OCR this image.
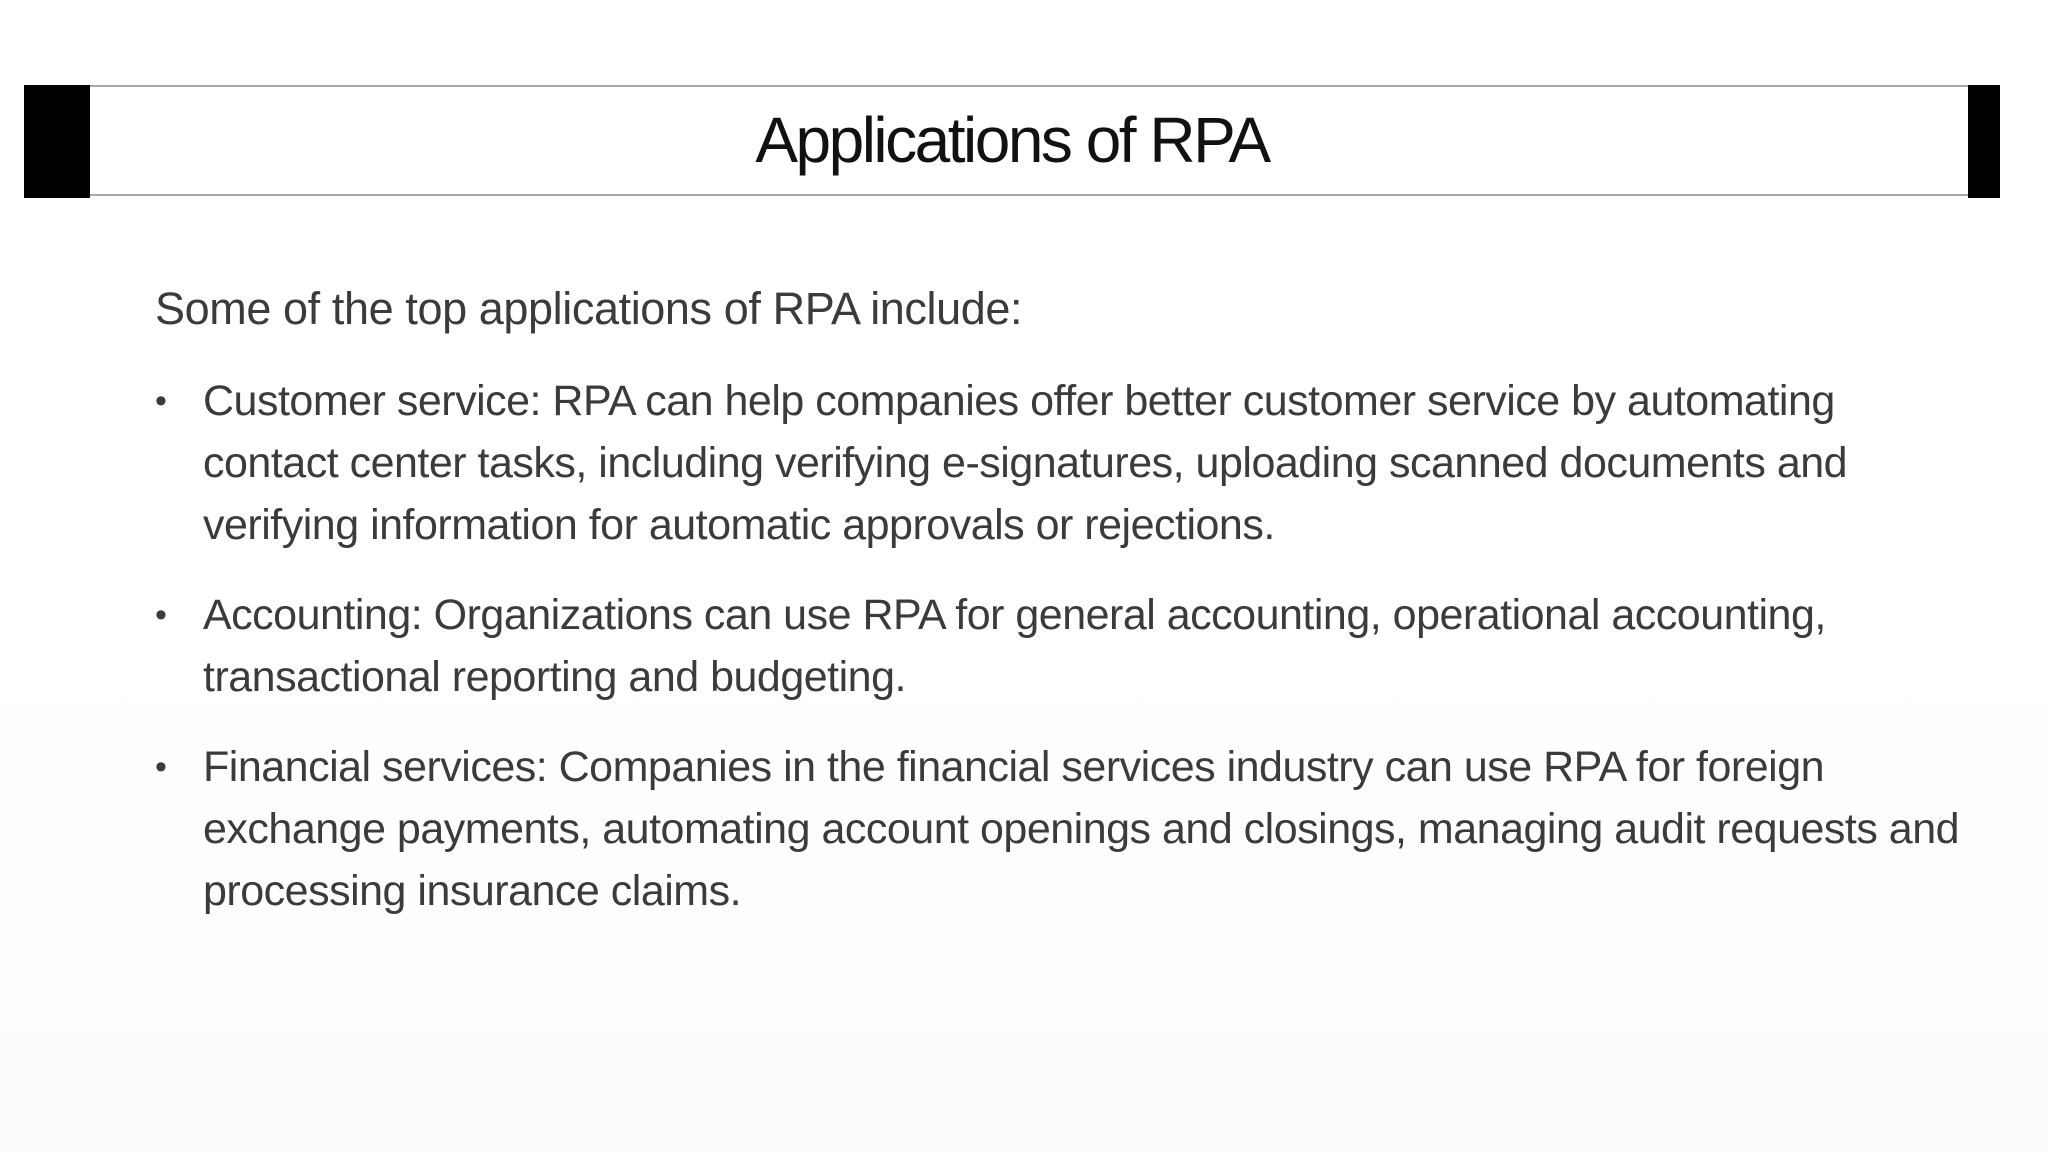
Applications of RPA

Some of the top applications of RPA include:

• Customer service: RPA can help companies offer better customer service by automating contact center tasks, including verifying e-signatures, uploading scanned documents and verifying information for automatic approvals or rejections.
• Accounting: Organizations can use RPA for general accounting, operational accounting, transactional reporting and budgeting.
• Financial services: Companies in the financial services industry can use RPA for foreign exchange payments, automating account openings and closings, managing audit requests and processing insurance claims.
